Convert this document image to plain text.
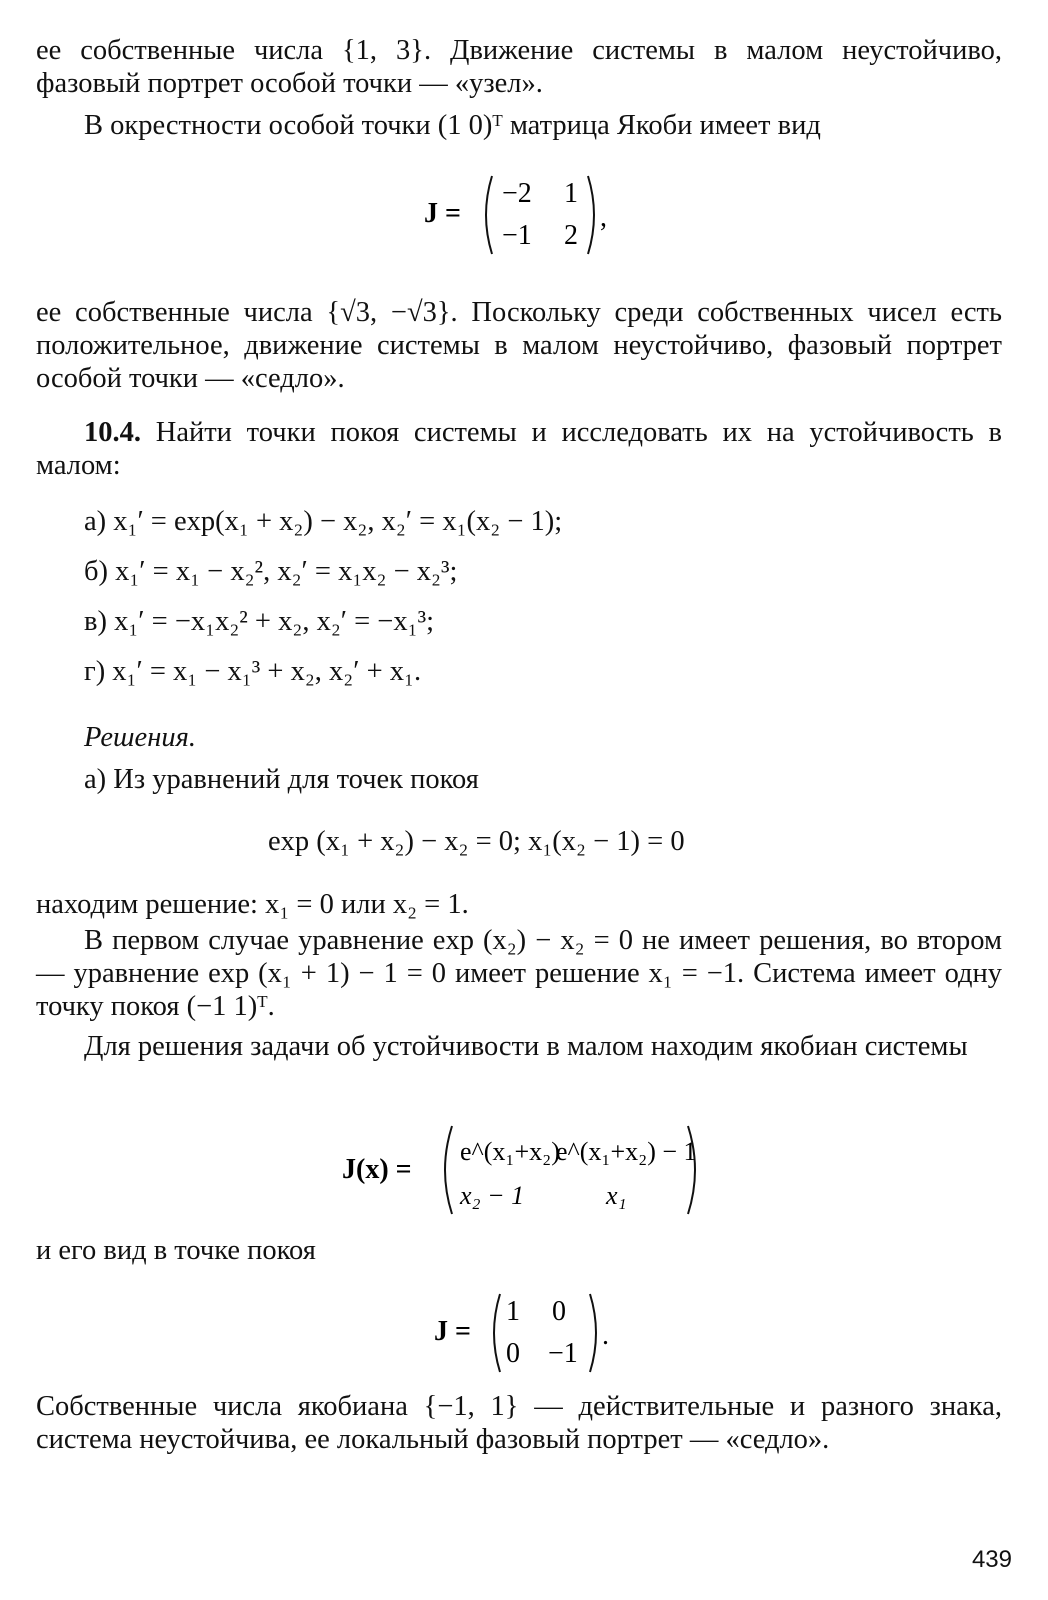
ее собственные числа {1, 3}. Движение системы в малом неустойчиво, фазовый портрет особой точки — «узел».

В окрестности особой точки (1 0)ᵀ матрица Якоби имеет вид

J =
−2 1
−1 2
,

ее собственные числа {√3, −√3}. Поскольку среди собственных чисел есть положительное, движение системы в малом неустойчиво, фазовый портрет особой точки — «седло».

10.4. Найти точки покоя системы и исследовать их на устойчивость в малом:

а) x₁′ = exp(x₁ + x₂) − x₂, x₂′ = x₁(x₂ − 1);
б) x₁′ = x₁ − x₂², x₂′ = x₁x₂ − x₂³;
в) x₁′ = −x₁x₂² + x₂, x₂′ = −x₁³;
г) x₁′ = x₁ − x₁³ + x₂, x₂′ + x₁.
Решения.
а) Из уравнений для точек покоя
exp (x₁ + x₂) − x₂ = 0; x₁(x₂ − 1) = 0

находим решение: x₁ = 0 или x₂ = 1.

В первом случае уравнение exp (x₂) − x₂ = 0 не имеет решения, во втором — уравнение exp (x₁ + 1) − 1 = 0 имеет решение x₁ = −1. Система имеет одну точку покоя (−1 1)ᵀ.

Для решения задачи об устойчивости в малом находим якобиан системы

J(x) =
e^(x₁+x₂)
e^(x₁+x₂) − 1
x₂ − 1	x₁

и его вид в точке покоя

J =
1 0
0 −1
.

Собственные числа якобиана {−1, 1} — действительные и разного знака, система неустойчива, ее локальный фазовый портрет — «седло».

439
